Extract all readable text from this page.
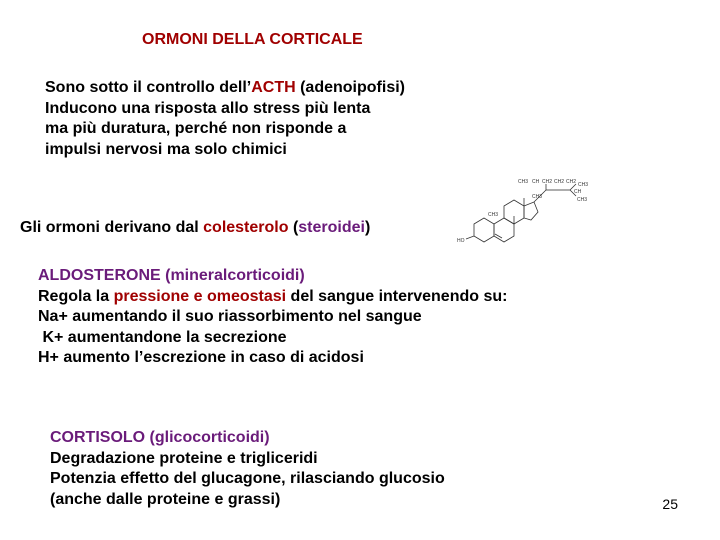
ORMONI DELLA CORTICALE
Sono sotto il controllo dell’ACTH (adenoipofisi)
Inducono una risposta allo stress più lenta
ma più duratura, perché non risponde a
impulsi nervosi ma solo chimici
Gli ormoni derivano dal colesterolo (steroidei)
CH3 CH CH2 CH2 CH2
CH
CH3
CH3
CH3
CH3
HO
ALDOSTERONE (mineralcorticoidi)
Regola la pressione e omeostasi del sangue intervenendo su:
Na+ aumentando il suo riassorbimento nel sangue
K+ aumentandone la secrezione
H+ aumento l’escrezione in caso di acidosi
CORTISOLO (glicocorticoidi)
Degradazione proteine e trigliceridi
Potenzia effetto del glucagone, rilasciando glucosio
(anche dalle proteine e grassi)	25
